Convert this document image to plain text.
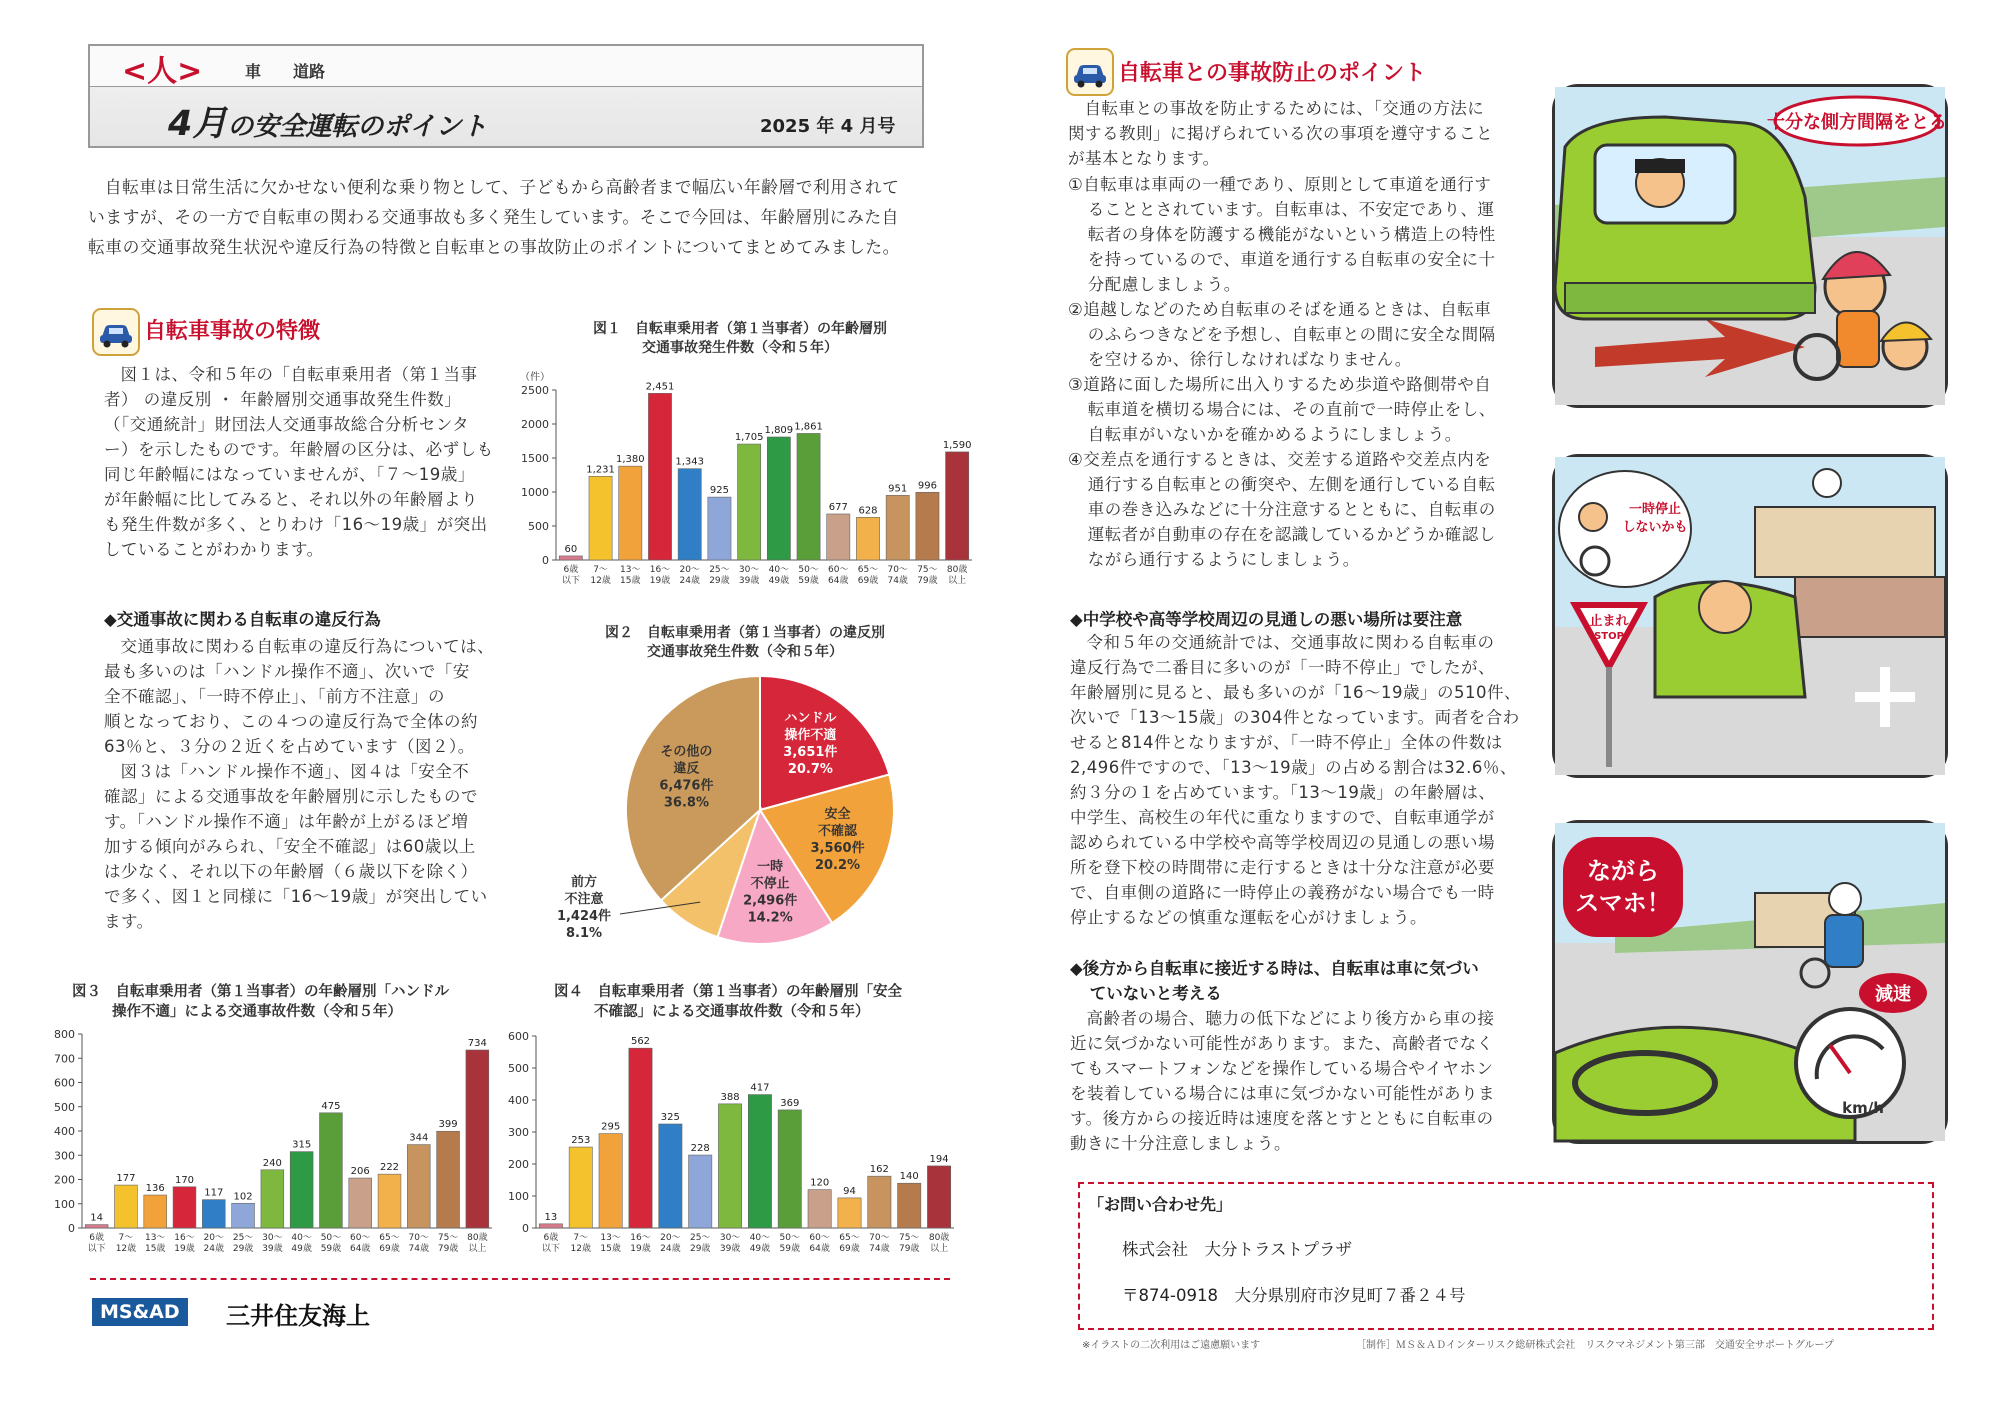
<人>	車 道路
4月の安全運転のポイント	2025 年 4 月号

自転車は日常生活に欠かせない便利な乗り物として、子どもから高齢者まで幅広い年齢層で利用されて

いますが、その一方で自転車の関わる交通事故も多く発生しています。そこで今回は、年齢層別にみた自

転車の交通事故発生状況や違反行為の特徴と自転車との事故防止のポイントについてまとめてみました。

自転車事故の特徴

図１は、令和５年の「自転車乗用者（第１当事

者） の違反別 ・ 年齢層別交通事故発生件数」

（「交通統計」財団法人交通事故総合分析センタ

ー）を示したものです。年齢層の区分は、必ずしも

同じ年齢幅にはなっていませんが、「７～19歳」

が年齢幅に比してみると、それ以外の年齢層より

も発生件数が多く、とりわけ「16～19歳」が突出

していることがわかります。

◆交通事故に関わる自転車の違反行為

交通事故に関わる自転車の違反行為については、

最も多いのは「ハンドル操作不適」、次いで「安

全不確認」、「一時不停止」、「前方不注意」の

順となっており、この４つの違反行為で全体の約

63％と、３分の２近くを占めています（図２）。

図３は「ハンドル操作不適」、図４は「安全不

確認」による交通事故を年齢層別に示したもので

す。「ハンドル操作不適」は年齢が上がるほど増

加する傾向がみられ、「安全不確認」は60歳以上

は少なく、それ以下の年齢層（６歳以下を除く）

で多く、図１と同様に「16～19歳」が突出してい

ます。

図１　自転車乗用者（第１当事者）の年齢層別
交通事故発生件数（令和５年）
（件）
0
500
1000
1500
2000
2500
60
6歳
以下
1,231
7～
12歳
1,380
13～
15歳
2,451
16～
19歳
1,343
20～
24歳
925
25～
29歳
1,705
30～
39歳
1,809
40～
49歳
1,861
50～
59歳
677
60～
64歳
628
65～
69歳
951
70～
74歳
996
75～
79歳
1,590
80歳
以上
図２　自転車乗用者（第１当事者）の違反別
交通事故発生件数（令和５年）
ハンドル
操作不適
3,651件
20.7%
安全
不確認
3,560件
20.2%
一時
不停止
2,496件
14.2%
前方
不注意
1,424件
8.1%
その他の
違反
6,476件
36.8%
図３　自転車乗用者（第１当事者）の年齢層別「ハンドル
操作不適」による交通事故件数（令和５年）
0
100
200
300
400
500
600
700
800
14
6歳
以下
177
7～
12歳
136
13～
15歳
170
16～
19歳
117
20～
24歳
102
25～
29歳
240
30～
39歳
315
40～
49歳
475
50～
59歳
206
60～
64歳
222
65～
69歳
344
70～
74歳
399
75～
79歳
734
80歳
以上
図４　自転車乗用者（第１当事者）の年齢層別「安全
不確認」による交通事故件数（令和５年）
0
100
200
300
400
500
600
13
6歳
以下
253
7～
12歳
295
13～
15歳
562
16～
19歳
325
20～
24歳
228
25～
29歳
388
30～
39歳
417
40～
49歳
369
50～
59歳
120
60～
64歳
94
65～
69歳
162
70～
74歳
140
75～
79歳
194
80歳
以上
MS&AD	三井住友海上
自転車との事故防止のポイント

自転車との事故を防止するためには、「交通の方法に

関する教則」に掲げられている次の事項を遵守すること

が基本となります。

①自転車は車両の一種であり、原則として車道を通行す

ることとされています。自転車は、不安定であり、運

転者の身体を防護する機能がないという構造上の特性

を持っているので、車道を通行する自転車の安全に十

分配慮しましょう。

②追越しなどのため自転車のそばを通るときは、自転車

のふらつきなどを予想し、自転車との間に安全な間隔

を空けるか、徐行しなければなりません。

③道路に面した場所に出入りするため歩道や路側帯や自

転車道を横切る場合には、その直前で一時停止をし、

自転車がいないかを確かめるようにしましょう。

④交差点を通行するときは、交差する道路や交差点内を

通行する自転車との衝突や、左側を通行している自転

車の巻き込みなどに十分注意するとともに、自転車の

運転者が自動車の存在を認識しているかどうか確認し

ながら通行するようにしましょう。

◆中学校や高等学校周辺の見通しの悪い場所は要注意

令和５年の交通統計では、交通事故に関わる自転車の

違反行為で二番目に多いのが「一時不停止」でしたが、

年齢層別に見ると、最も多いのが「16～19歳」の510件、

次いで「13～15歳」の304件となっています。両者を合わ

せると814件となりますが、「一時不停止」全体の件数は

2,496件ですので、「13～19歳」の占める割合は32.6％、

約３分の１を占めています。「13～19歳」の年齢層は、

中学生、高校生の年代に重なりますので、自転車通学が

認められている中学校や高等学校周辺の見通しの悪い場

所を登下校の時間帯に走行するときは十分な注意が必要

で、自車側の道路に一時停止の義務がない場合でも一時

停止するなどの慎重な運転を心がけましょう。

◆後方から自転車に接近する時は、自転車は車に気づい
ていないと考える

高齢者の場合、聴力の低下などにより後方から車の接

近に気づかない可能性があります。また、高齢者でなく

てもスマートフォンなどを操作している場合やイヤホン

を装着している場合には車に気づかない可能性がありま

す。後方からの接近時は速度を落とすとともに自転車の

動きに十分注意しましょう。

十分な側方間隔をとる
止まれ
STOP
一時停止
しないかも
km/h
減速
ながら
スマホ！
「お問い合わせ先」
株式会社　大分トラストプラザ
〒874-0918　大分県別府市汐見町７番２４号
※イラストの二次利用はご遠慮願います	［制作］ＭＳ＆ＡＤインターリスク総研株式会社　リスクマネジメント第三部　交通安全サポートグループ
